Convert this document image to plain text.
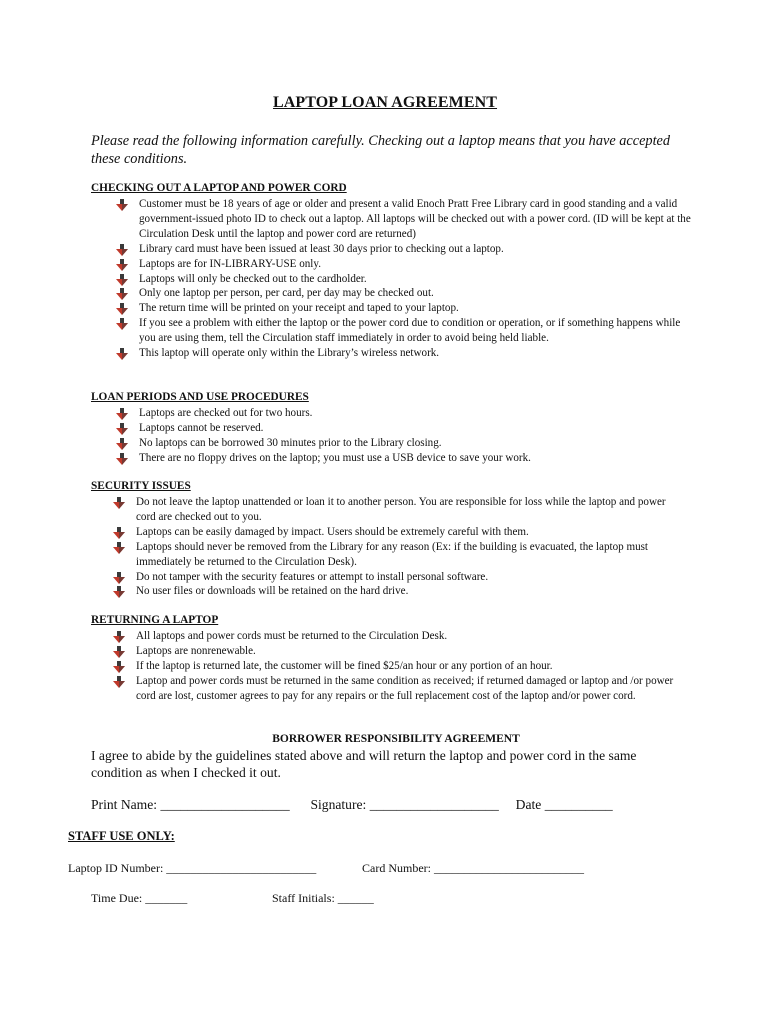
LAPTOP LOAN AGREEMENT
Please read the following information carefully. Checking out a laptop means that you have accepted these conditions.
CHECKING OUT A LAPTOP AND POWER CORD
Customer must be 18 years of age or older and present a valid Enoch Pratt Free Library card in good standing and a valid government-issued photo ID to check out a laptop. All laptops will be checked out with a power cord. (ID will be kept at the Circulation Desk until the laptop and power cord are returned)
Library card must have been issued at least 30 days prior to checking out a laptop.
Laptops are for IN-LIBRARY-USE only.
Laptops will only be checked out to the cardholder.
Only one laptop per person, per card, per day may be checked out.
The return time will be printed on your receipt and taped to your laptop.
If you see a problem with either the laptop or the power cord due to condition or operation, or if something happens while you are using them, tell the Circulation staff immediately in order to avoid being held liable.
This laptop will operate only within the Library’s wireless network.
LOAN PERIODS AND USE PROCEDURES
Laptops are checked out for two hours.
Laptops cannot be reserved.
No laptops can be borrowed 30 minutes prior to the Library closing.
There are no floppy drives on the laptop; you must use a USB device to save your work.
SECURITY ISSUES
Do not leave the laptop unattended or loan it to another person. You are responsible for loss while the laptop and power cord are checked out to you.
Laptops can be easily damaged by impact. Users should be extremely careful with them.
Laptops should never be removed from the Library for any reason (Ex: if the building is evacuated, the laptop must immediately be returned to the Circulation Desk).
Do not tamper with the security features or attempt to install personal software.
No user files or downloads will be retained on the hard drive.
RETURNING A LAPTOP
All laptops and power cords must be returned to the Circulation Desk.
Laptops are nonrenewable.
If the laptop is returned late, the customer will be fined $25/an hour or any portion of an hour.
Laptop and power cords must be returned in the same condition as received; if returned damaged or laptop and /or power cord are lost, customer agrees to pay for any repairs or the full replacement cost of the laptop and/or power cord.
BORROWER RESPONSIBILITY AGREEMENT
I agree to abide by the guidelines stated above and will return the laptop and power cord in the same condition as when I checked it out.
Print Name: ___________________ Signature: ___________________ Date __________
STAFF USE ONLY:
Laptop ID Number: _________________________	Card Number: _________________________
Time Due: _______	Staff Initials: ______
